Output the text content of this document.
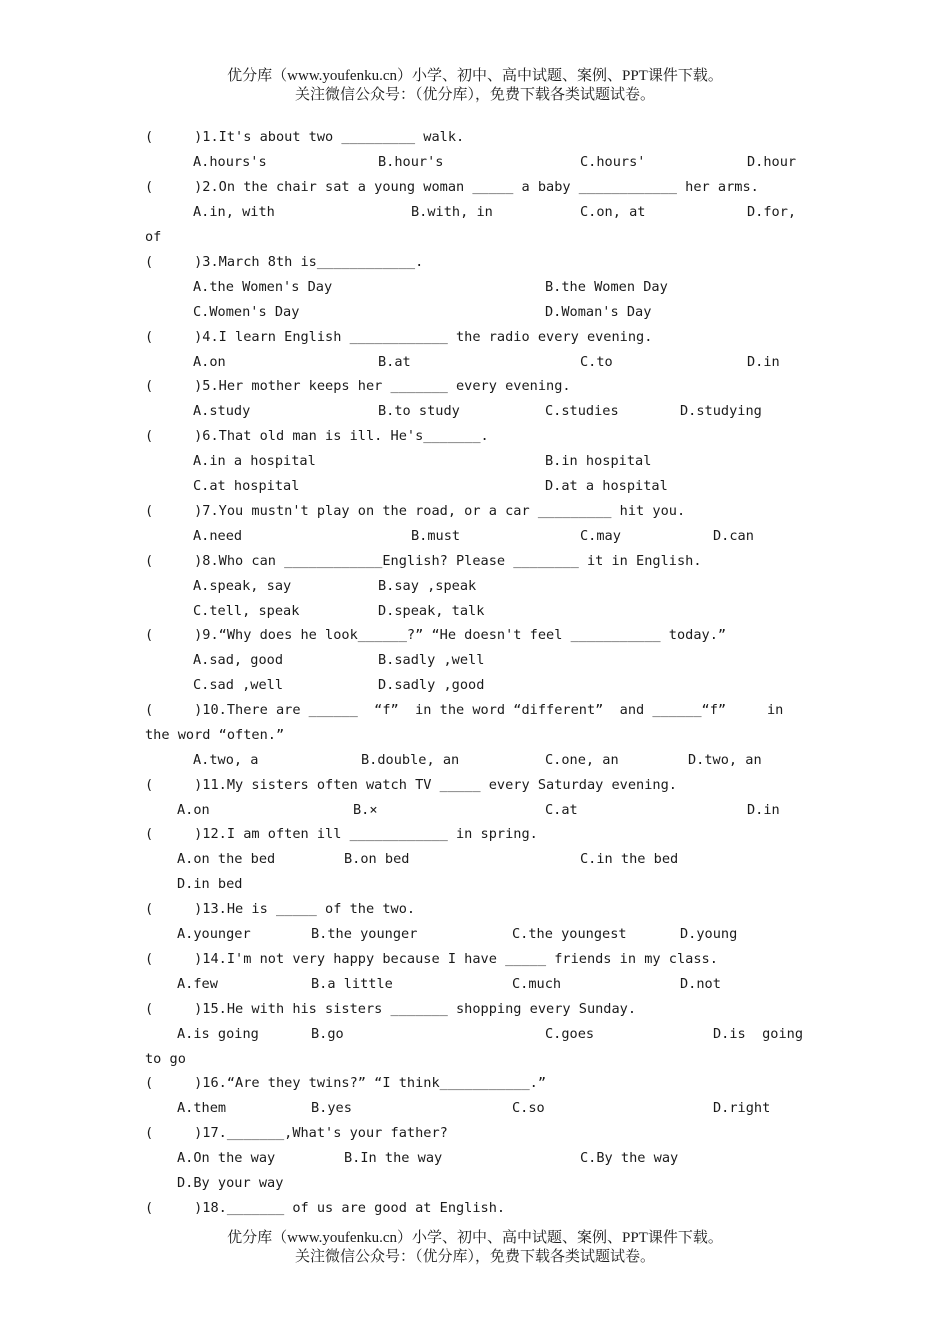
优分库（www.youfenku.cn）小学、初中、高中试题、案例、PPT课件下载。
关注微信公众号：（优分库），免费下载各类试题试卷。
优分库（www.youfenku.cn）小学、初中、高中试题、案例、PPT课件下载。
关注微信公众号：（优分库），免费下载各类试题试卷。
(     )1.It's about two _________ walk.
A.hours's	B.hour's	C.hours'	D.hour
(     )2.On the chair sat a young woman _____ a baby ____________ her arms.
A.in, with	B.with, in	C.on, at	D.for,
of
(     )3.March 8th is____________.
A.the Women's Day	B.the Women Day
C.Women's Day	D.Woman's Day
(     )4.I learn English ____________ the radio every evening.
A.on	B.at	C.to	D.in
(     )5.Her mother keeps her _______ every evening.
A.study	B.to study	C.studies	D.studying
(     )6.That old man is ill. He's_______.
A.in a hospital	B.in hospital
C.at hospital	D.at a hospital
(     )7.You mustn't play on the road, or a car _________ hit you.
A.need	B.must	C.may	D.can
(     )8.Who can ____________English? Please ________ it in English.
A.speak, say	B.say ,speak
C.tell, speak	D.speak, talk
(     )9.“Why does he look______?” “He doesn't feel ___________ today.”
A.sad, good	B.sadly ,well
C.sad ,well	D.sadly ,good
(     )10.There are ______  “f”  in the word “different”  and ______“f”     in
the word “often.”
A.two, a	B.double, an	C.one, an	D.two, an
(     )11.My sisters often watch TV _____ every Saturday evening.
A.on	B.×	C.at	D.in
(     )12.I am often ill ____________ in spring.
A.on the bed	B.on bed	C.in the bed
D.in bed
(     )13.He is _____ of the two.
A.younger	B.the younger	C.the youngest	D.young
(     )14.I'm not very happy because I have _____ friends in my class.
A.few	B.a little	C.much	D.not
(     )15.He with his sisters _______ shopping every Sunday.
A.is going	B.go	C.goes	D.is  going
to go
(     )16.“Are they twins?” “I think___________.”
A.them	B.yes	C.so	D.right
(     )17._______,What's your father?
A.On the way	B.In the way	C.By the way
D.By your way
(     )18._______ of us are good at English.
